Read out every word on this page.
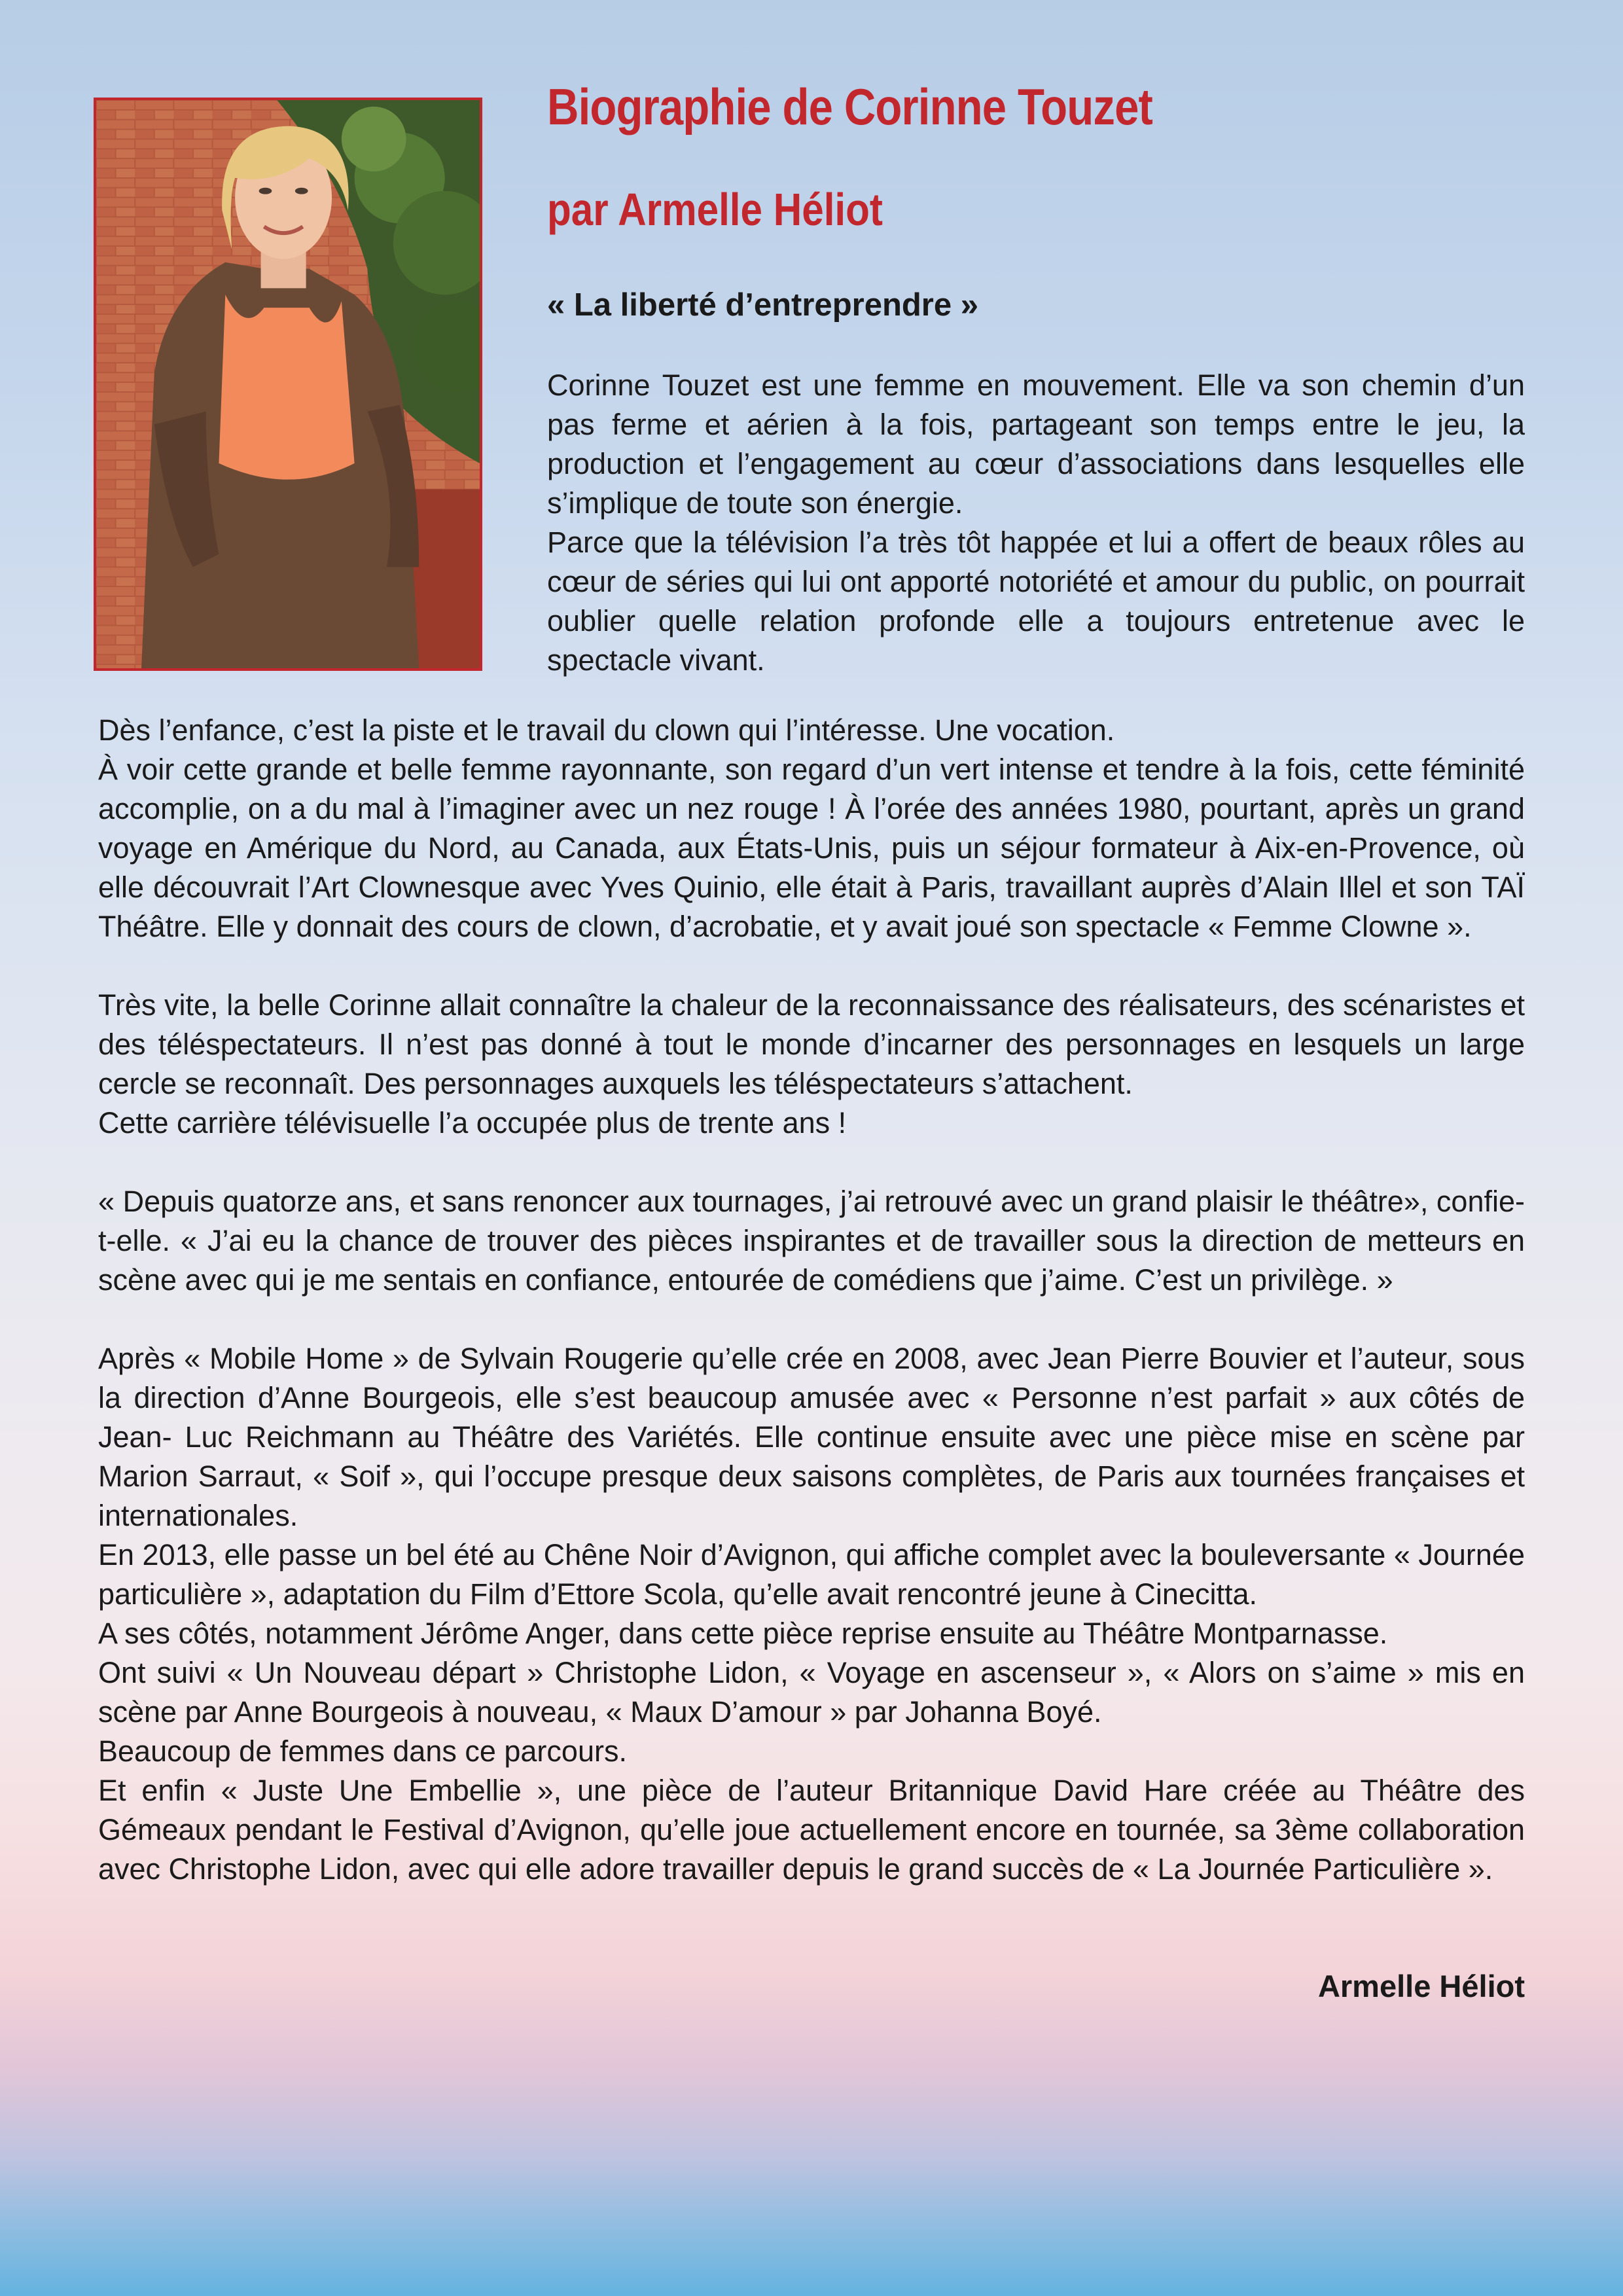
Biographie de Corinne Touzet
par Armelle Héliot

« La liberté d’entreprendre »

Corinne Touzet est une femme en mouvement. Elle va son chemin d’un pas ferme et aérien à la fois, partageant son temps entre le jeu, la production et l’engagement au cœur d’associations dans lesquelles elle s’implique de toute son énergie.

Parce que la télévision l’a très tôt happée et lui a offert de beaux rôles au cœur de séries qui lui ont apporté notoriété et amour du public, on pourrait oublier quelle relation profonde elle a toujours entretenue avec le spectacle vivant.

Dès l’enfance, c’est la piste et le travail du clown qui l’intéresse. Une vocation.

À voir cette grande et belle femme rayonnante, son regard d’un vert intense et tendre à la fois, cette féminité accomplie, on a du mal à l’imaginer avec un nez rouge ! À l’orée des années 1980, pourtant, après un grand voyage en Amérique du Nord, au Canada, aux États-Unis, puis un séjour formateur à Aix-en-Provence, où elle découvrait l’Art Clownesque avec Yves Quinio, elle était à Paris, travaillant auprès d’Alain Illel et son TAÏ Théâtre. Elle y donnait des cours de clown, d’acrobatie, et y avait joué son spectacle « Femme Clowne ».

Très vite, la belle Corinne allait connaître la chaleur de la reconnaissance des réalisateurs, des scénaristes et des téléspectateurs. Il n’est pas donné à tout le monde d’incarner des personnages en lesquels un large cercle se reconnaît. Des personnages auxquels les téléspectateurs s’attachent.

Cette carrière télévisuelle l’a occupée plus de trente ans !

« Depuis quatorze ans, et sans renoncer aux tournages, j’ai retrouvé avec un grand plaisir le théâtre», confie- t-elle. « J’ai eu la chance de trouver des pièces inspirantes et de travailler sous la direction de metteurs en scène avec qui je me sentais en confiance, entourée de comédiens que j’aime. C’est un privilège. »

Après « Mobile Home » de Sylvain Rougerie qu’elle crée en 2008, avec Jean Pierre Bouvier et l’auteur, sous la direction d’Anne Bourgeois, elle s’est beaucoup amusée avec « Personne n’est parfait » aux côtés de Jean- Luc Reichmann au Théâtre des Variétés. Elle continue ensuite avec une pièce mise en scène par Marion Sarraut, « Soif », qui l’occupe presque deux saisons complètes, de Paris aux tournées françaises et internationales.

En 2013, elle passe un bel été au Chêne Noir d’Avignon, qui affiche complet avec la bouleversante « Journée particulière », adaptation du Film d’Ettore Scola, qu’elle avait rencontré jeune à Cinecitta.

A ses côtés, notamment Jérôme Anger, dans cette pièce reprise ensuite au Théâtre Montparnasse.

Ont suivi « Un Nouveau départ » Christophe Lidon, « Voyage en ascenseur », « Alors on s’aime » mis en scène par Anne Bourgeois à nouveau, « Maux D’amour » par Johanna Boyé.

Beaucoup de femmes dans ce parcours.

Et enfin « Juste Une Embellie », une pièce de l’auteur Britannique David Hare créée au Théâtre des Gémeaux pendant le Festival d’Avignon, qu’elle joue actuellement encore en tournée, sa 3ème collaboration avec Christophe Lidon, avec qui elle adore travailler depuis le grand succès de « La Journée Particulière ».

Armelle Héliot
